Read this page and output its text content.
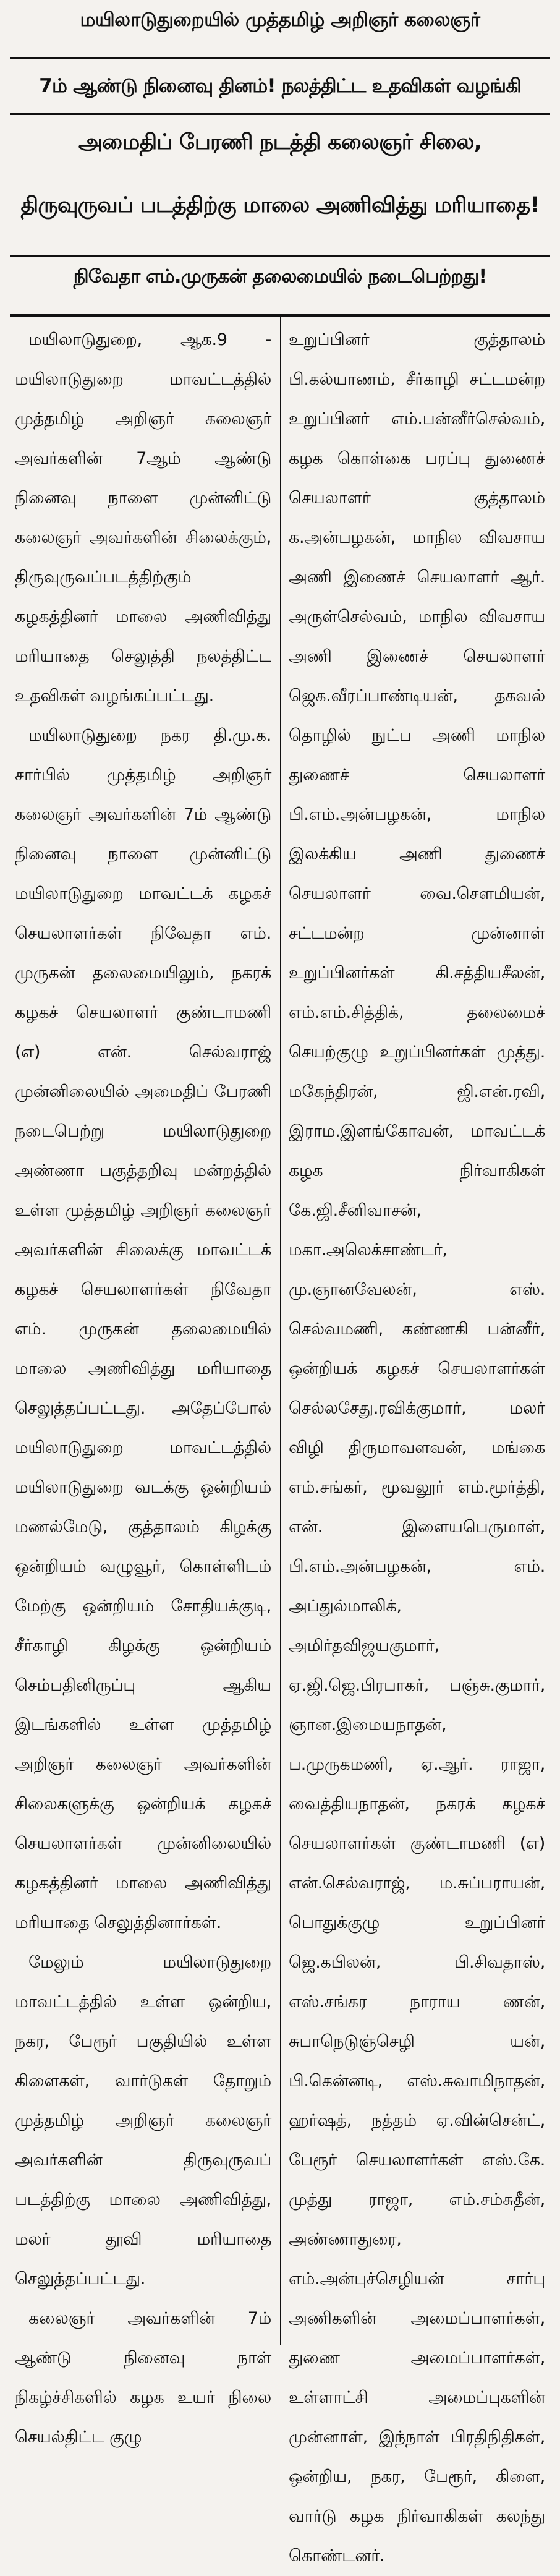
மயிலாடுதுறையில் முத்தமிழ் அறிஞர் கலைஞர்
7ம் ஆண்டு நினைவு தினம்! நலத்திட்ட உதவிகள் வழங்கி
அமைதிப் பேரணி நடத்தி கலைஞர் சிலை,
திருவுருவப் படத்திற்கு மாலை அணிவித்து மரியாதை!
நிவேதா எம்.முருகன் தலைமையில் நடைபெற்றது!

மயிலாடுதுறை, ஆக.9 - மயிலாடுதுறை மாவட்டத்தில் முத்தமிழ் அறிஞர் கலைஞர் அவர்களின் 7ஆம் ஆண்டு நினைவு நாளை முன்னிட்டு கலைஞர் அவர்களின் சிலைக்கும், திருவுருவப்படத்திற்கும் கழகத்தினர் மாலை அணிவித்து மரியாதை செலுத்தி நலத்திட்ட உதவிகள் வழங்கப்பட்டது.

மயிலாடுதுறை நகர தி.மு.க. சார்பில் முத்தமிழ் அறிஞர் கலைஞர் அவர்களின் 7ம் ஆண்டு நினைவு நாளை முன்னிட்டு மயிலாடுதுறை மாவட்டக் கழகச் செயலாளர்கள் நிவேதா எம். முருகன் தலைமையிலும், நகரக் கழகச் செயலாளர் குண்டாமணி (எ) என். செல்வராஜ் முன்னிலையில் அமைதிப் பேரணி நடைபெற்று மயிலாடுதுறை அண்ணா பகுத்தறிவு மன்றத்தில் உள்ள முத்தமிழ் அறிஞர் கலைஞர் அவர்களின் சிலைக்கு மாவட்டக் கழகச் செயலாளர்கள் நிவேதா எம். முருகன் தலைமையில் மாலை அணிவித்து மரியாதை செலுத்தப்பட்டது. அதேப்போல் மயிலாடுதுறை மாவட்டத்தில் மயிலாடுதுறை வடக்கு ஒன்றியம் மணல்மேடு, குத்தாலம் கிழக்கு ஒன்றியம் வழுவூர், கொள்ளிடம் மேற்கு ஒன்றியம் சோதியக்குடி, சீர்காழி கிழக்கு ஒன்றியம் செம்பதினிருப்பு ஆகிய இடங்களில் உள்ள முத்தமிழ் அறிஞர் கலைஞர் அவர்களின் சிலைகளுக்கு ஒன்றியக் கழகச் செயலாளர்கள் முன்னிலையில் கழகத்தினர் மாலை அணிவித்து மரியாதை செலுத்தினார்கள்.

மேலும் மயிலாடுதுறை மாவட்டத்தில் உள்ள ஒன்றிய, நகர, பேரூர் பகுதியில் உள்ள கிளைகள், வார்டுகள் தோறும் முத்தமிழ் அறிஞர் கலைஞர் அவர்களின் திருவுருவப் படத்திற்கு மாலை அணிவித்து, மலர் தூவி மரியாதை செலுத்தப்பட்டது.

கலைஞர் அவர்களின் 7ம் ஆண்டு நினைவு நாள் நிகழ்ச்சிகளில் கழக உயர் நிலை செயல்திட்ட குழு

உறுப்பினர் குத்தாலம் பி.கல்யாணம், சீர்காழி சட்டமன்ற உறுப்பினர் எம்.பன்னீர்செல்வம், கழக கொள்கை பரப்பு துணைச் செயலாளர் குத்தாலம் க.அன்பழகன், மாநில விவசாய அணி இணைச் செயலாளர் ஆர். அருள்செல்வம், மாநில விவசாய அணி இணைச் செயலாளர் ஜெக.வீரப்பாண்டியன், தகவல் தொழில் நுட்ப அணி மாநில துணைச் செயலாளர் பி.எம்.அன்பழகன், மாநில இலக்கிய அணி துணைச் செயலாளர் வை.சௌமியன், சட்டமன்ற முன்னாள் உறுப்பினர்கள் கி.சத்தியசீலன், எம்.எம்.சித்திக், தலைமைச் செயற்குழு உறுப்பினர்கள் முத்து. மகேந்திரன், ஜி.என்.ரவி, இராம.இளங்கோவன், மாவட்டக் கழக நிர்வாகிகள் கே.ஜி.சீனிவாசன், மகா.அலெக்சாண்டர், மு.ஞானவேலன், எஸ். செல்வமணி, கண்ணகி பன்னீர், ஒன்றியக் கழகச் செயலாளர்கள் செல்லசேது.ரவிக்குமார், மலர் விழி திருமாவளவன், மங்கை எம்.சங்கர், மூவலூர் எம்.மூர்த்தி, என். இளையபெருமாள், பி.எம்.அன்பழகன், எம். அப்துல்மாலிக், அமிர்தவிஜயகுமார், ஏ.ஜி.ஜெ.பிரபாகர், பஞ்சு.குமார், ஞான.இமையநாதன், ப.முருகமணி, ஏ.ஆர். ராஜா, வைத்தியநாதன், நகரக் கழகச் செயலாளர்கள் குண்டாமணி (எ) என்.செல்வராஜ், ம.சுப்பராயன், பொதுக்குழு உறுப்பினர் ஜெ.கபிலன், பி.சிவதாஸ், எஸ்.சங்கர நாராய ணன், சுபாநெடுஞ்செழி யன், பி.கென்னடி, எஸ்.சுவாமிநாதன், ஹர்ஷத், நத்தம் ஏ.வின்சென்ட், பேரூர் செயலாளர்கள் எஸ்.கே. முத்து ராஜா, எம்.சம்சுதீன், அண்ணாதுரை, எம்.அன்புச்செழியன் சார்பு அணிகளின் அமைப்பாளர்கள், துணை அமைப்பாளர்கள், உள்ளாட்சி அமைப்புகளின் முன்னாள், இந்நாள் பிரதிநிதிகள், ஒன்றிய, நகர, பேரூர், கிளை, வார்டு கழக நிர்வாகிகள் கலந்து கொண்டனர்.
